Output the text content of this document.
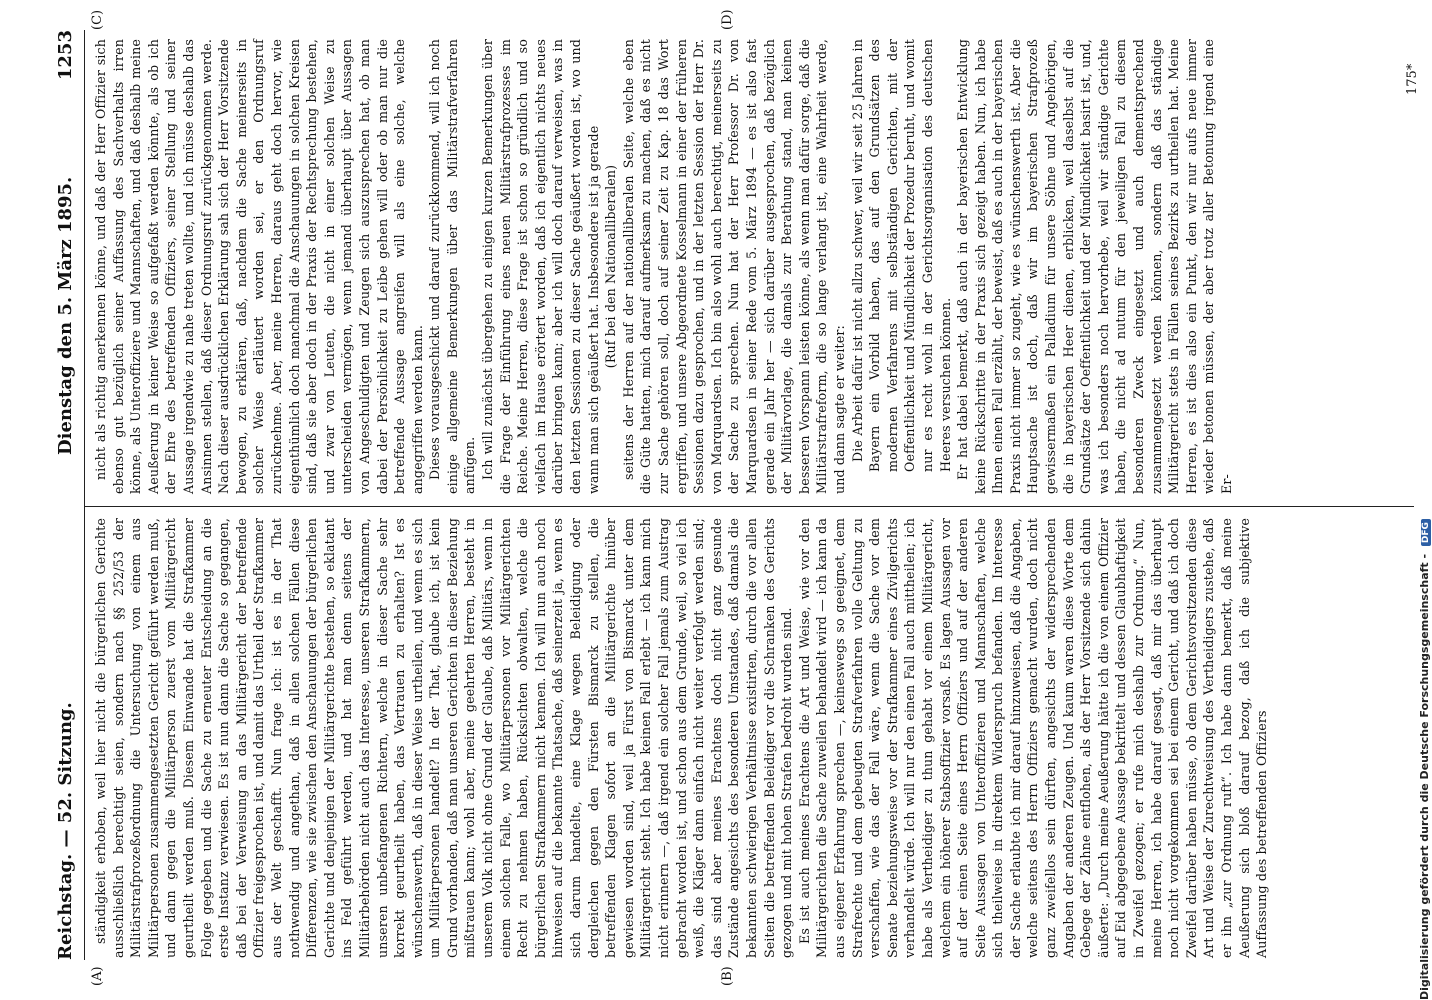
Reichstag. — 52. Sitzung.
Dienstag den 5. März 1895.
1253
(A)	(B)
(C)	(D)

ständigkeit erhoben, weil hier nicht die bürgerlichen Gerichte ausschließlich berechtigt seien, sondern nach §§ 252/53 der Militärstrafprozeßordnung die Untersuchung von einem aus Militärpersonen zusammengesetzten Gericht geführt werden muß, und dann gegen die Militärperson zuerst vom Militärgericht geurtheilt werden muß. Diesem Einwande hat die Strafkammer Folge gegeben und die Sache zu erneuter Entscheidung an die erste Instanz verwiesen. Es ist nun dann die Sache so gegangen, daß bei der Verweisung an das Militärgericht der betreffende Offizier freigesprochen ist, und damit das Urtheil der Strafkammer aus der Welt geschafft. Nun frage ich: ist es in der That nothwendig und angethan, daß in allen solchen Fällen diese Differenzen, wie sie zwischen den Anschauungen der bürgerlichen Gerichte und denjenigen der Militärgerichte bestehen, so eklatant ins Feld geführt werden, und hat man denn seitens der Militärbehörden nicht auch das Interesse, unseren Strafkammern, unseren unbefangenen Richtern, welche in dieser Sache sehr korrekt geurtheilt haben, das Vertrauen zu erhalten? Ist es wünschenswerth, daß in dieser Weise urtheilen, und wenn es sich um Militärpersonen handelt? In der That, glaube ich, ist kein Grund vorhanden, daß man unseren Gerichten in dieser Beziehung mißtrauen kann; wohl aber, meine geehrten Herren, besteht in unserem Volk nicht ohne Grund der Glaube, daß Militärs, wenn in einem solchen Falle, wo Militärpersonen vor Militärgerichten Recht zu nehmen haben, Rücksichten obwalten, welche die bürgerlichen Strafkammern nicht kennen. Ich will nun auch noch hinweisen auf die bekannte Thatsache, daß seinerzeit ja, wenn es sich darum handelte, eine Klage wegen Beleidigung oder dergleichen gegen den Fürsten Bismarck zu stellen, die betreffenden Klagen sofort an die Militärgerichte hinüber gewiesen worden sind, weil ja Fürst von Bismarck unter dem Militärgericht steht. Ich habe keinen Fall erlebt — ich kann mich nicht erinnern —, daß irgend ein solcher Fall jemals zum Austrag gebracht worden ist, und schon aus dem Grunde, weil, so viel ich weiß, die Kläger dann einfach nicht weiter verfolgt werden sind; das sind aber meines Erachtens doch nicht ganz gesunde Zustände angesichts des besonderen Umstandes, daß damals die bekannten schwierigen Verhältnisse existirten, durch die vor allen Seiten die betreffenden Beleidiger vor die Schranken des Gerichts gezogen und mit hohen Strafen bedroht wurden sind. Es ist auch meines Erachtens die Art und Weise, wie vor den Militärgerichten die Sache zuweilen behandelt wird — ich kann da aus eigener Erfahrung sprechen —, keineswegs so geeignet, dem Strafrechte und dem gebeugten Strafverfahren volle Geltung zu verschaffen, wie das der Fall wäre, wenn die Sache vor dem Senate beziehungsweise vor der Strafkammer eines Zivilgerichts verhandelt würde. Ich will nur den einen Fall auch mittheilen; ich habe als Vertheidiger zu thun gehabt vor einem Militärgericht, welchem ein höherer Stabsoffizier vorsaß. Es lagen Aussagen vor auf der einen Seite eines Herrn Offiziers und auf der anderen Seite Aussagen von Unteroffizieren und Mannschaften, welche sich theilweise in direktem Widerspruch befanden. Im Interesse der Sache erlaubte ich mir darauf hinzuweisen, daß die Angaben, welche seitens des Herrn Offiziers gemacht wurden, doch nicht ganz zweifellos sein dürften, angesichts der widersprechenden Angaben der anderen Zeugen. Und kaum waren diese Worte dem Gebege der Zähne entflohen, als der Herr Vorsitzende sich dahin äußerte: „Durch meine Aeußerung hätte ich die von einem Offizier auf Eid abgegebene Aussage bekrittelt und dessen Glaubhaftigkeit in Zweifel gezogen; er rufe mich deshalb zur Ordnung.“ Nun, meine Herren, ich habe darauf gesagt, daß mir das überhaupt noch nicht vorgekommen sei bei einem Gericht, und daß ich doch Zweifel darüber haben müsse, ob dem Gerichtsvorsitzenden diese Art und Weise der Zurechtweisung des Vertheidigers zustehe, daß er ihn „zur Ordnung ruft“. Ich habe dann bemerkt, daß meine Aeußerung sich bloß darauf bezog, daß ich die subjektive Auffassung des betreffenden Offiziers

nicht als richtig anerkennen könne, und daß der Herr Offizier sich ebenso gut bezüglich seiner Auffassung des Sachverhalts irren könne, als Unteroffiziere und Mannschaften, und daß deshalb meine Aeußerung in keiner Weise so aufgefaßt werden könnte, als ob ich der Ehre des betreffenden Offiziers, seiner Stellung und seiner Aussage irgendwie zu nahe treten wollte, und ich müsse deshalb das Ansinnen stellen, daß dieser Ordnungsruf zurückgenommen werde. Nach dieser ausdrücklichen Erklärung sah sich der Herr Vorsitzende bewogen, zu erklären, daß, nachdem die Sache meinerseits in solcher Weise erläutert worden sei, er den Ordnungsruf zurücknehme. Aber, meine Herren, daraus geht doch hervor, wie eigenthümlich doch manchmal die Anschauungen in solchen Kreisen sind, daß sie aber doch in der Praxis der Rechtsprechung bestehen, und zwar von Leuten, die nicht in einer solchen Weise zu unterscheiden vermögen, wenn jemand überhaupt über Aussagen von Angeschuldigten und Zeugen sich auszusprechen hat, ob man dabei der Persönlichkeit zu Leibe gehen will oder ob man nur die betreffende Aussage angreifen will als eine solche, welche angegriffen werden kann. Dieses vorausgeschickt und darauf zurückkommend, will ich noch einige allgemeine Bemerkungen über das Militärstrafverfahren anfügen. Ich will zunächst übergehen zu einigen kurzen Bemerkungen über die Frage der Einführung eines neuen Militärstrafprozesses im Reiche. Meine Herren, diese Frage ist schon so gründlich und so vielfach im Hause erörtert worden, daß ich eigentlich nichts neues darüber bringen kann; aber ich will doch darauf verweisen, was in den letzten Sessionen zu dieser Sache geäußert worden ist, wo und wann man sich geäußert hat. Insbesondere ist ja gerade (Ruf bei den Nationalliberalen) seitens der Herren auf der nationalliberalen Seite, welche eben die Güte hatten, mich darauf aufmerksam zu machen, daß es nicht zur Sache gehören soll, doch auf seiner Zeit zu Kap. 18 das Wort ergriffen, und unsere Abgeordnete Kosselmann in einer der früheren Sessionen dazu gesprochen, und in der letzten Session der Herr Dr. von Marquardsen. Ich bin also wohl auch berechtigt, meinerseits zu der Sache zu sprechen. Nun hat der Herr Professor Dr. von Marquardsen in seiner Rede vom 5. März 1894 — es ist also fast gerade ein Jahr her — sich darüber ausgesprochen, daß bezüglich der Militärvorlage, die damals zur Berathung stand, man keinen besseren Vorspann leisten könne, als wenn man dafür sorge, daß die Militärstrafreform, die so lange verlangt ist, eine Wahrheit werde, und dann sagte er weiter: Die Arbeit dafür ist nicht allzu schwer, weil wir seit 25 Jahren in Bayern ein Vorbild haben, das auf den Grundsätzen des modernen Verfahrens mit selbständigen Gerichten, mit der Oeffentlichkeit und Mündlichkeit der Prozedur beruht, und womit nur es recht wohl in der Gerichtsorganisation des deutschen Heeres versuchen können. Er hat dabei bemerkt, daß auch in der bayerischen Entwicklung keine Rückschritte in der Praxis sich gezeigt haben. Nun, ich habe Ihnen einen Fall erzählt, der beweist, daß es auch in der bayerischen Praxis nicht immer so zugeht, wie es wünschenswerth ist. Aber die Hauptsache ist doch, daß wir im bayerischen Strafprozeß gewissermaßen ein Palladium für unsere Söhne und Angehörigen, die in bayerischen Heer dienen, erblicken, weil daselbst auf die Grundsätze der Oeffentlichkeit und der Mündlichkeit basirt ist, und, was ich besonders noch hervorhebe, weil wir ständige Gerichte haben, die nicht ad nutum für den jeweiligen Fall zu diesem besonderen Zweck eingesetzt und auch dementsprechend zusammengesetzt werden können, sondern daß das ständige Militärgericht stets in Fällen seines Bezirks zu urtheilen hat. Meine Herren, es ist dies also ein Punkt, den wir nur aufs neue immer wieder betonen müssen, der aber trotz aller Betonung irgend eine Er-

175*
Digitalisierung gefördert durch die Deutsche Forschungsgemeinschaft - DFG
